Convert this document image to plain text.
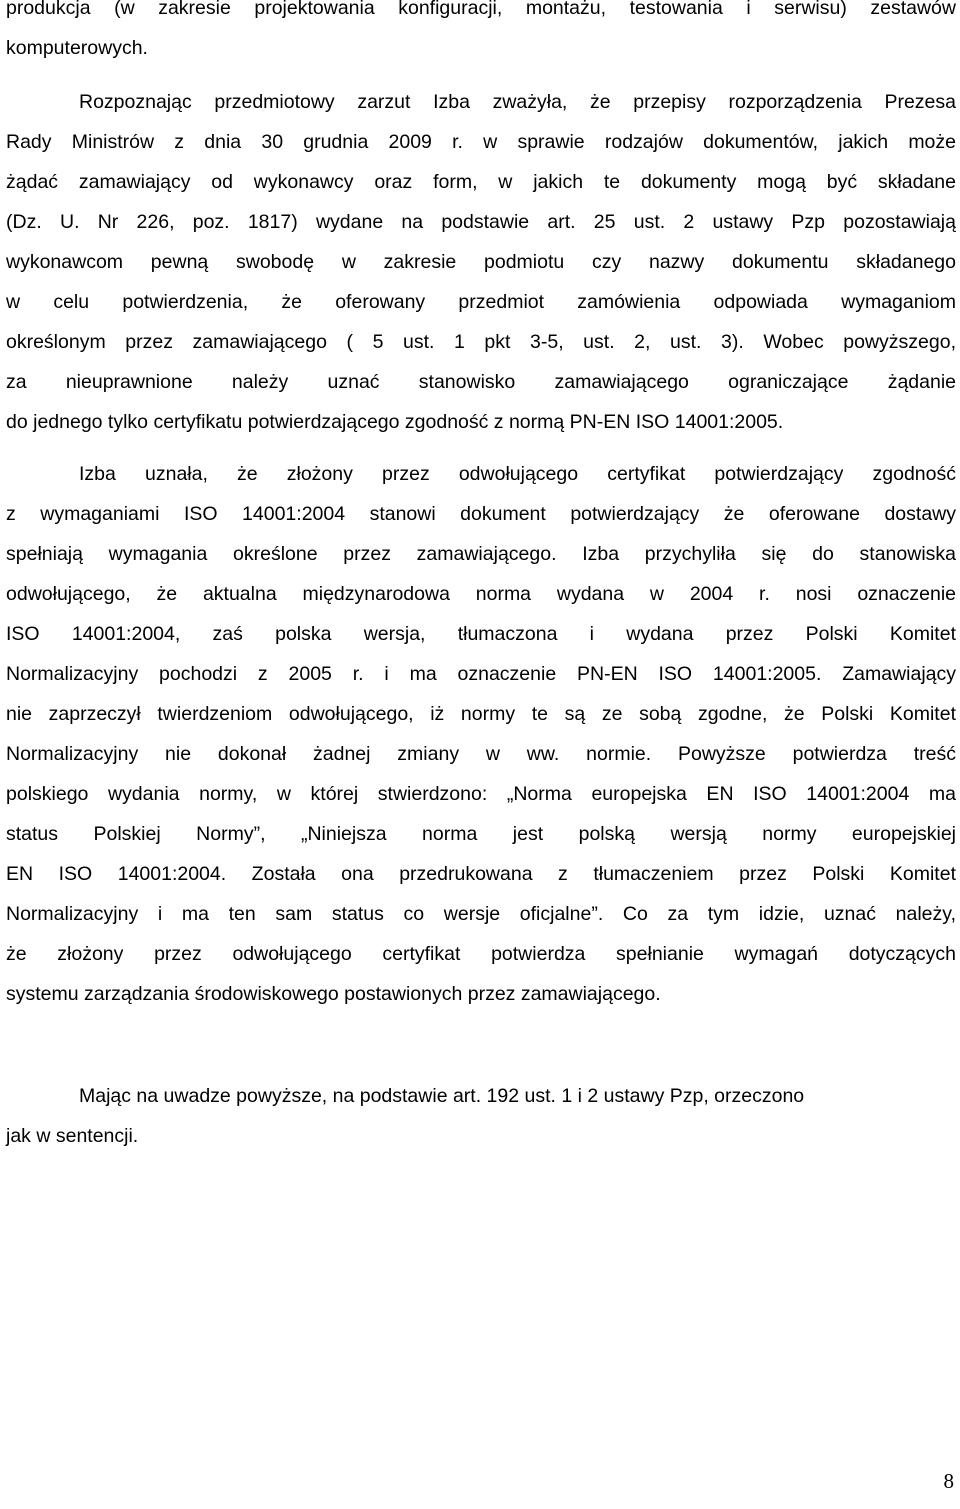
produkcja (w zakresie projektowania konfiguracji, montażu, testowania i serwisu) zestawów
komputerowych.
Rozpoznając przedmiotowy zarzut Izba zważyła, że przepisy rozporządzenia Prezesa
Rady Ministrów z dnia 30 grudnia 2009 r. w sprawie rodzajów dokumentów, jakich może
żądać zamawiający od wykonawcy oraz form, w jakich te dokumenty mogą być składane
(Dz. U. Nr 226, poz. 1817) wydane na podstawie art. 25 ust. 2 ustawy Pzp pozostawiają
wykonawcom pewną swobodę w zakresie podmiotu czy nazwy dokumentu składanego
w celu potwierdzenia, że oferowany przedmiot zamówienia odpowiada wymaganiom
określonym przez zamawiającego ( 5 ust. 1 pkt 3-5, ust. 2, ust. 3). Wobec powyższego,
za nieuprawnione należy uznać stanowisko zamawiającego ograniczające żądanie
do jednego tylko certyfikatu potwierdzającego zgodność z normą PN-EN ISO 14001:2005.
Izba uznała, że złożony przez odwołującego certyfikat potwierdzający zgodność
z wymaganiami ISO 14001:2004 stanowi dokument potwierdzający że oferowane dostawy
spełniają wymagania określone przez zamawiającego. Izba przychyliła się do stanowiska
odwołującego, że aktualna międzynarodowa norma wydana w 2004 r. nosi oznaczenie
ISO 14001:2004, zaś polska wersja, tłumaczona i wydana przez Polski Komitet
Normalizacyjny pochodzi z 2005 r. i ma oznaczenie PN-EN ISO 14001:2005. Zamawiający
nie zaprzeczył twierdzeniom odwołującego, iż normy te są ze sobą zgodne, że Polski Komitet
Normalizacyjny nie dokonał żadnej zmiany w ww. normie. Powyższe potwierdza treść
polskiego wydania normy, w której stwierdzono: „Norma europejska EN ISO 14001:2004 ma
status Polskiej Normy”, „Niniejsza norma jest polską wersją normy europejskiej
EN ISO 14001:2004. Została ona przedrukowana z tłumaczeniem przez Polski Komitet
Normalizacyjny i ma ten sam status co wersje oficjalne”. Co za tym idzie, uznać należy,
że złożony przez odwołującego certyfikat potwierdza spełnianie wymagań dotyczących
systemu zarządzania środowiskowego postawionych przez zamawiającego.
Mając na uwadze powyższe, na podstawie art. 192 ust. 1 i 2 ustawy Pzp, orzeczono
jak w sentencji.
8
